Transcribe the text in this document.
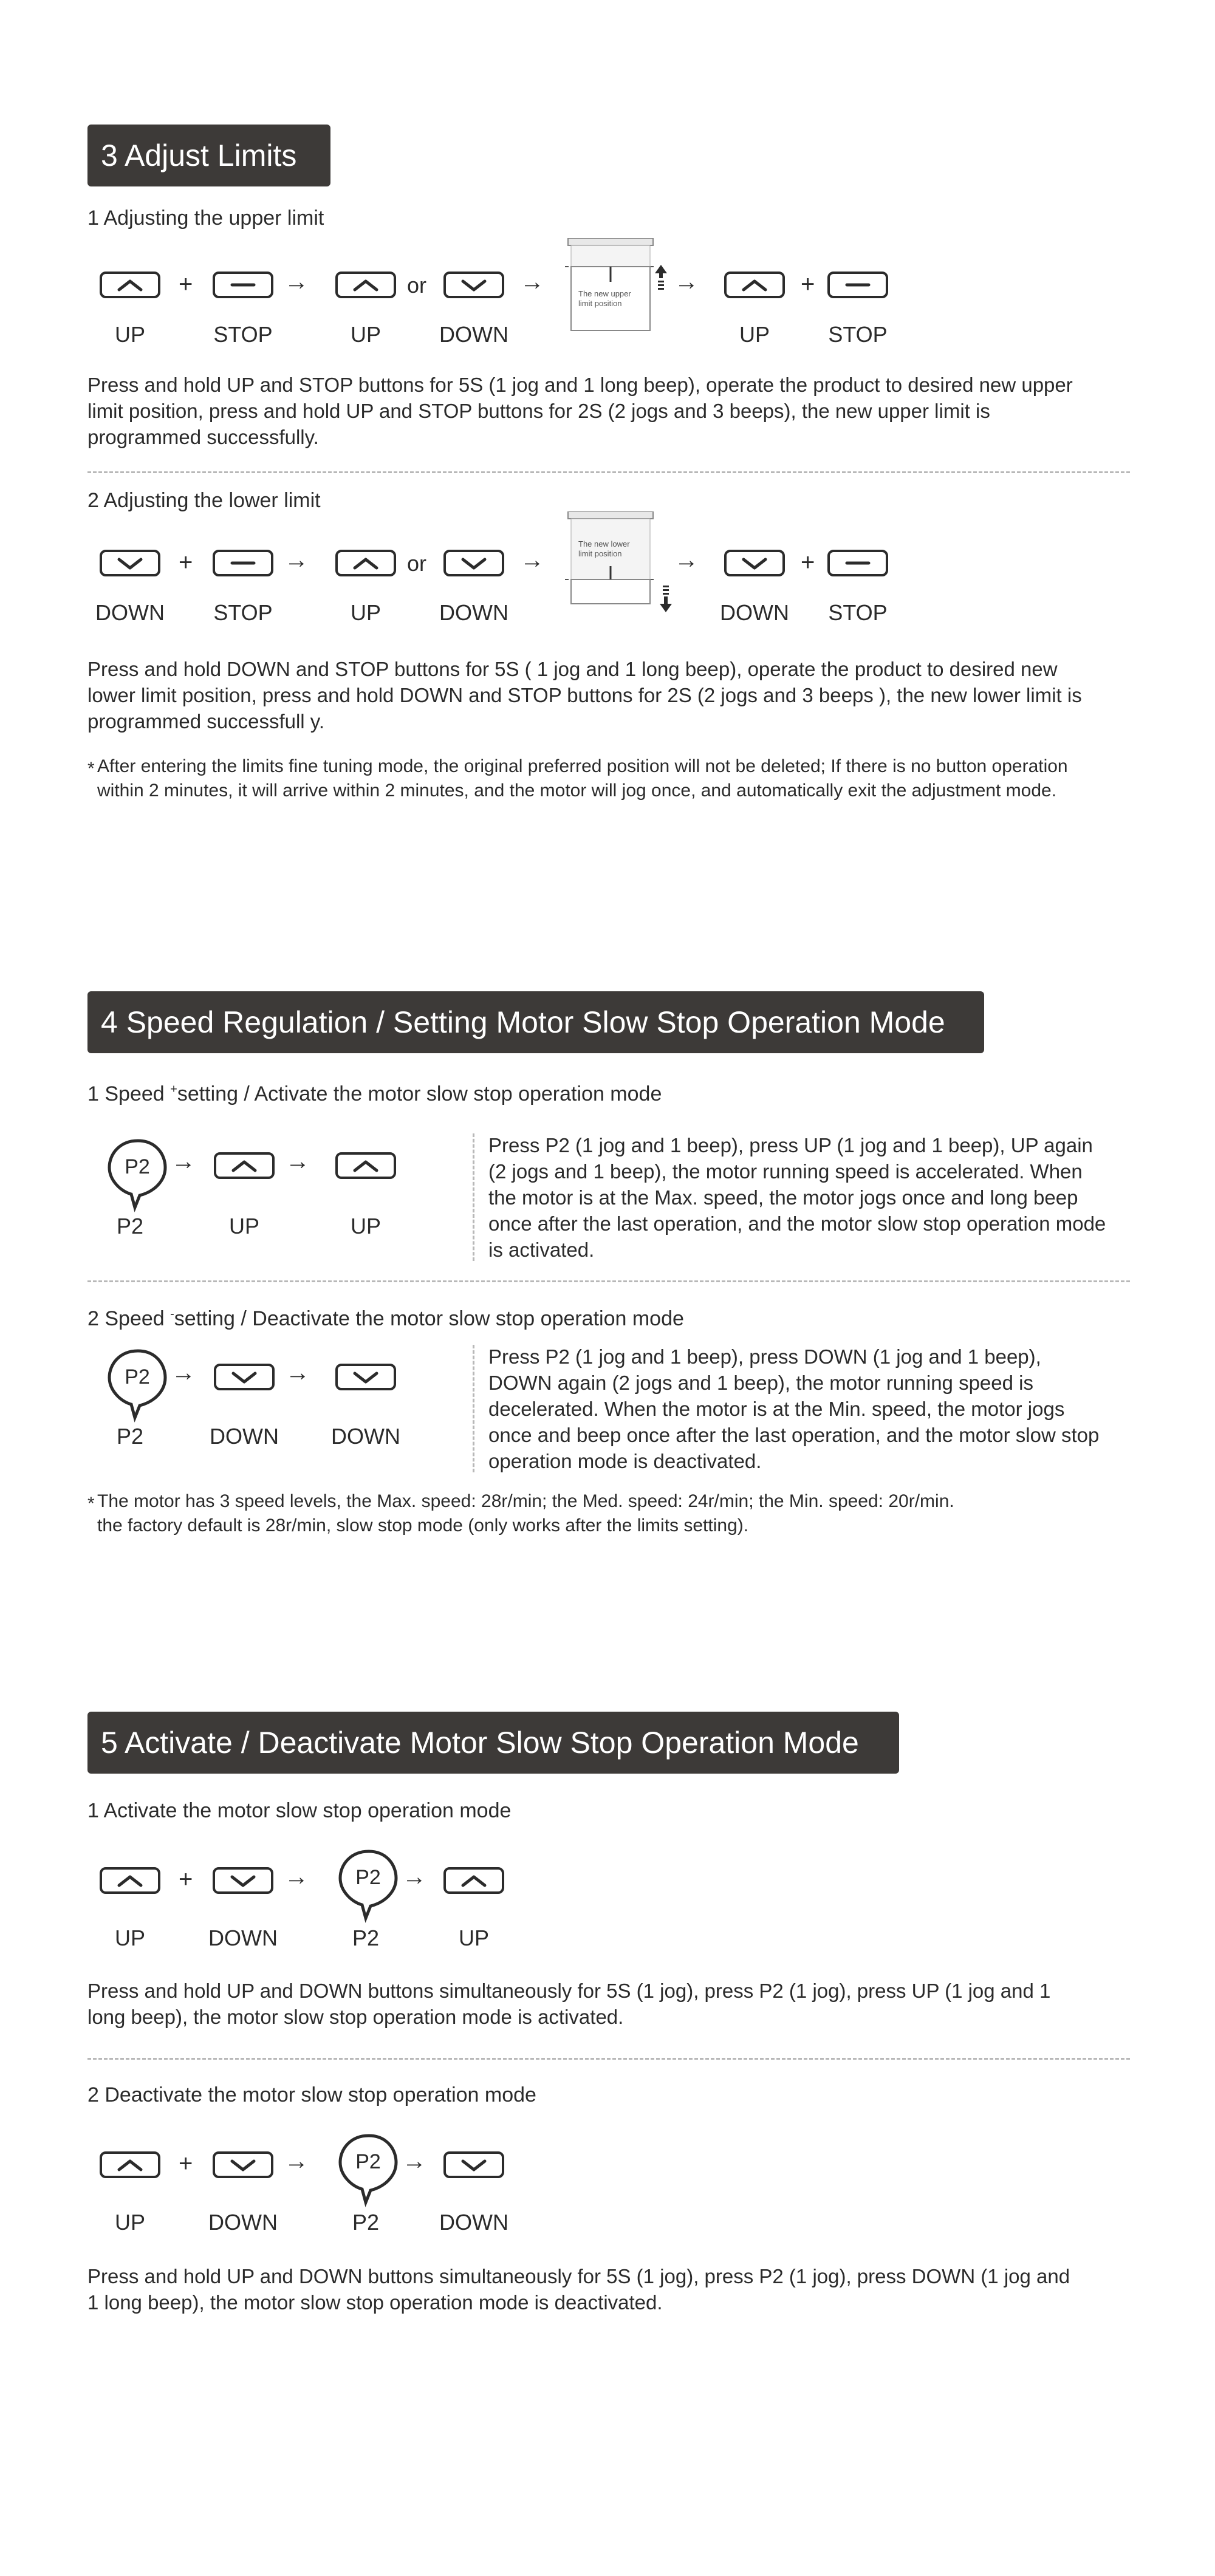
3 Adjust Limits
1 Adjusting the upper limit
+	→	or	→	The new upper
limit position
→	+
UP	STOP	UP	DOWN	UP	STOP
Press and hold UP and STOP buttons for 5S (1 jog and 1 long beep), operate the product to desired new upper limit position, press and hold UP and STOP buttons for 2S (2 jogs and 3 beeps), the new upper limit is programmed successfully.
2 Adjusting the lower limit
+	→	or	→
The new lower
limit position →	+
DOWN	STOP	UP	DOWN	DOWN	STOP
Press and hold DOWN and STOP buttons for 5S ( 1 jog and 1 long beep), operate the product to desired new lower limit position, press and hold DOWN and STOP buttons for 2S (2 jogs and 3 beeps ), the new lower limit is programmed successfull y.
* After entering the limits fine tuning mode, the original preferred position will not be deleted; If there is no button operation within 2 minutes, it will arrive within 2 minutes, and the motor will jog once, and automatically exit the adjustment mode.
4 Speed Regulation / Setting Motor Slow Stop Operation Mode
1 Speed +setting / Activate the motor slow stop operation mode
P2 →	→
P2	UP	UP
Press P2 (1 jog and 1 beep), press UP (1 jog and 1 beep), UP again (2 jogs and 1 beep), the motor running speed is accelerated. When the motor is at the Max. speed, the motor jogs once and long beep once after the last operation, and the motor slow stop operation mode is activated.
2 Speed -setting / Deactivate the motor slow stop operation mode
P2 →	→
P2	DOWN	DOWN
Press P2 (1 jog and 1 beep), press DOWN (1 jog and 1 beep), DOWN again (2 jogs and 1 beep), the motor running speed is decelerated. When the motor is at the Min. speed, the motor jogs once and beep once after the last operation, and the motor slow stop operation mode is deactivated.
* The motor has 3 speed levels, the Max. speed: 28r/min; the Med. speed: 24r/min; the Min. speed: 20r/min.
the factory default is 28r/min, slow stop mode (only works after the limits setting).
5 Activate / Deactivate Motor Slow Stop Operation Mode
1 Activate the motor slow stop operation mode
+	→ P2 →
UP	DOWN	P2	UP
Press and hold UP and DOWN buttons simultaneously for 5S (1 jog), press P2 (1 jog), press UP (1 jog and 1 long beep), the motor slow stop operation mode is activated.
2 Deactivate the motor slow stop operation mode
+	→ P2 →
UP	DOWN	P2	DOWN
Press and hold UP and DOWN buttons simultaneously for 5S (1 jog), press P2 (1 jog), press DOWN (1 jog and 1 long beep), the motor slow stop operation mode is deactivated.
